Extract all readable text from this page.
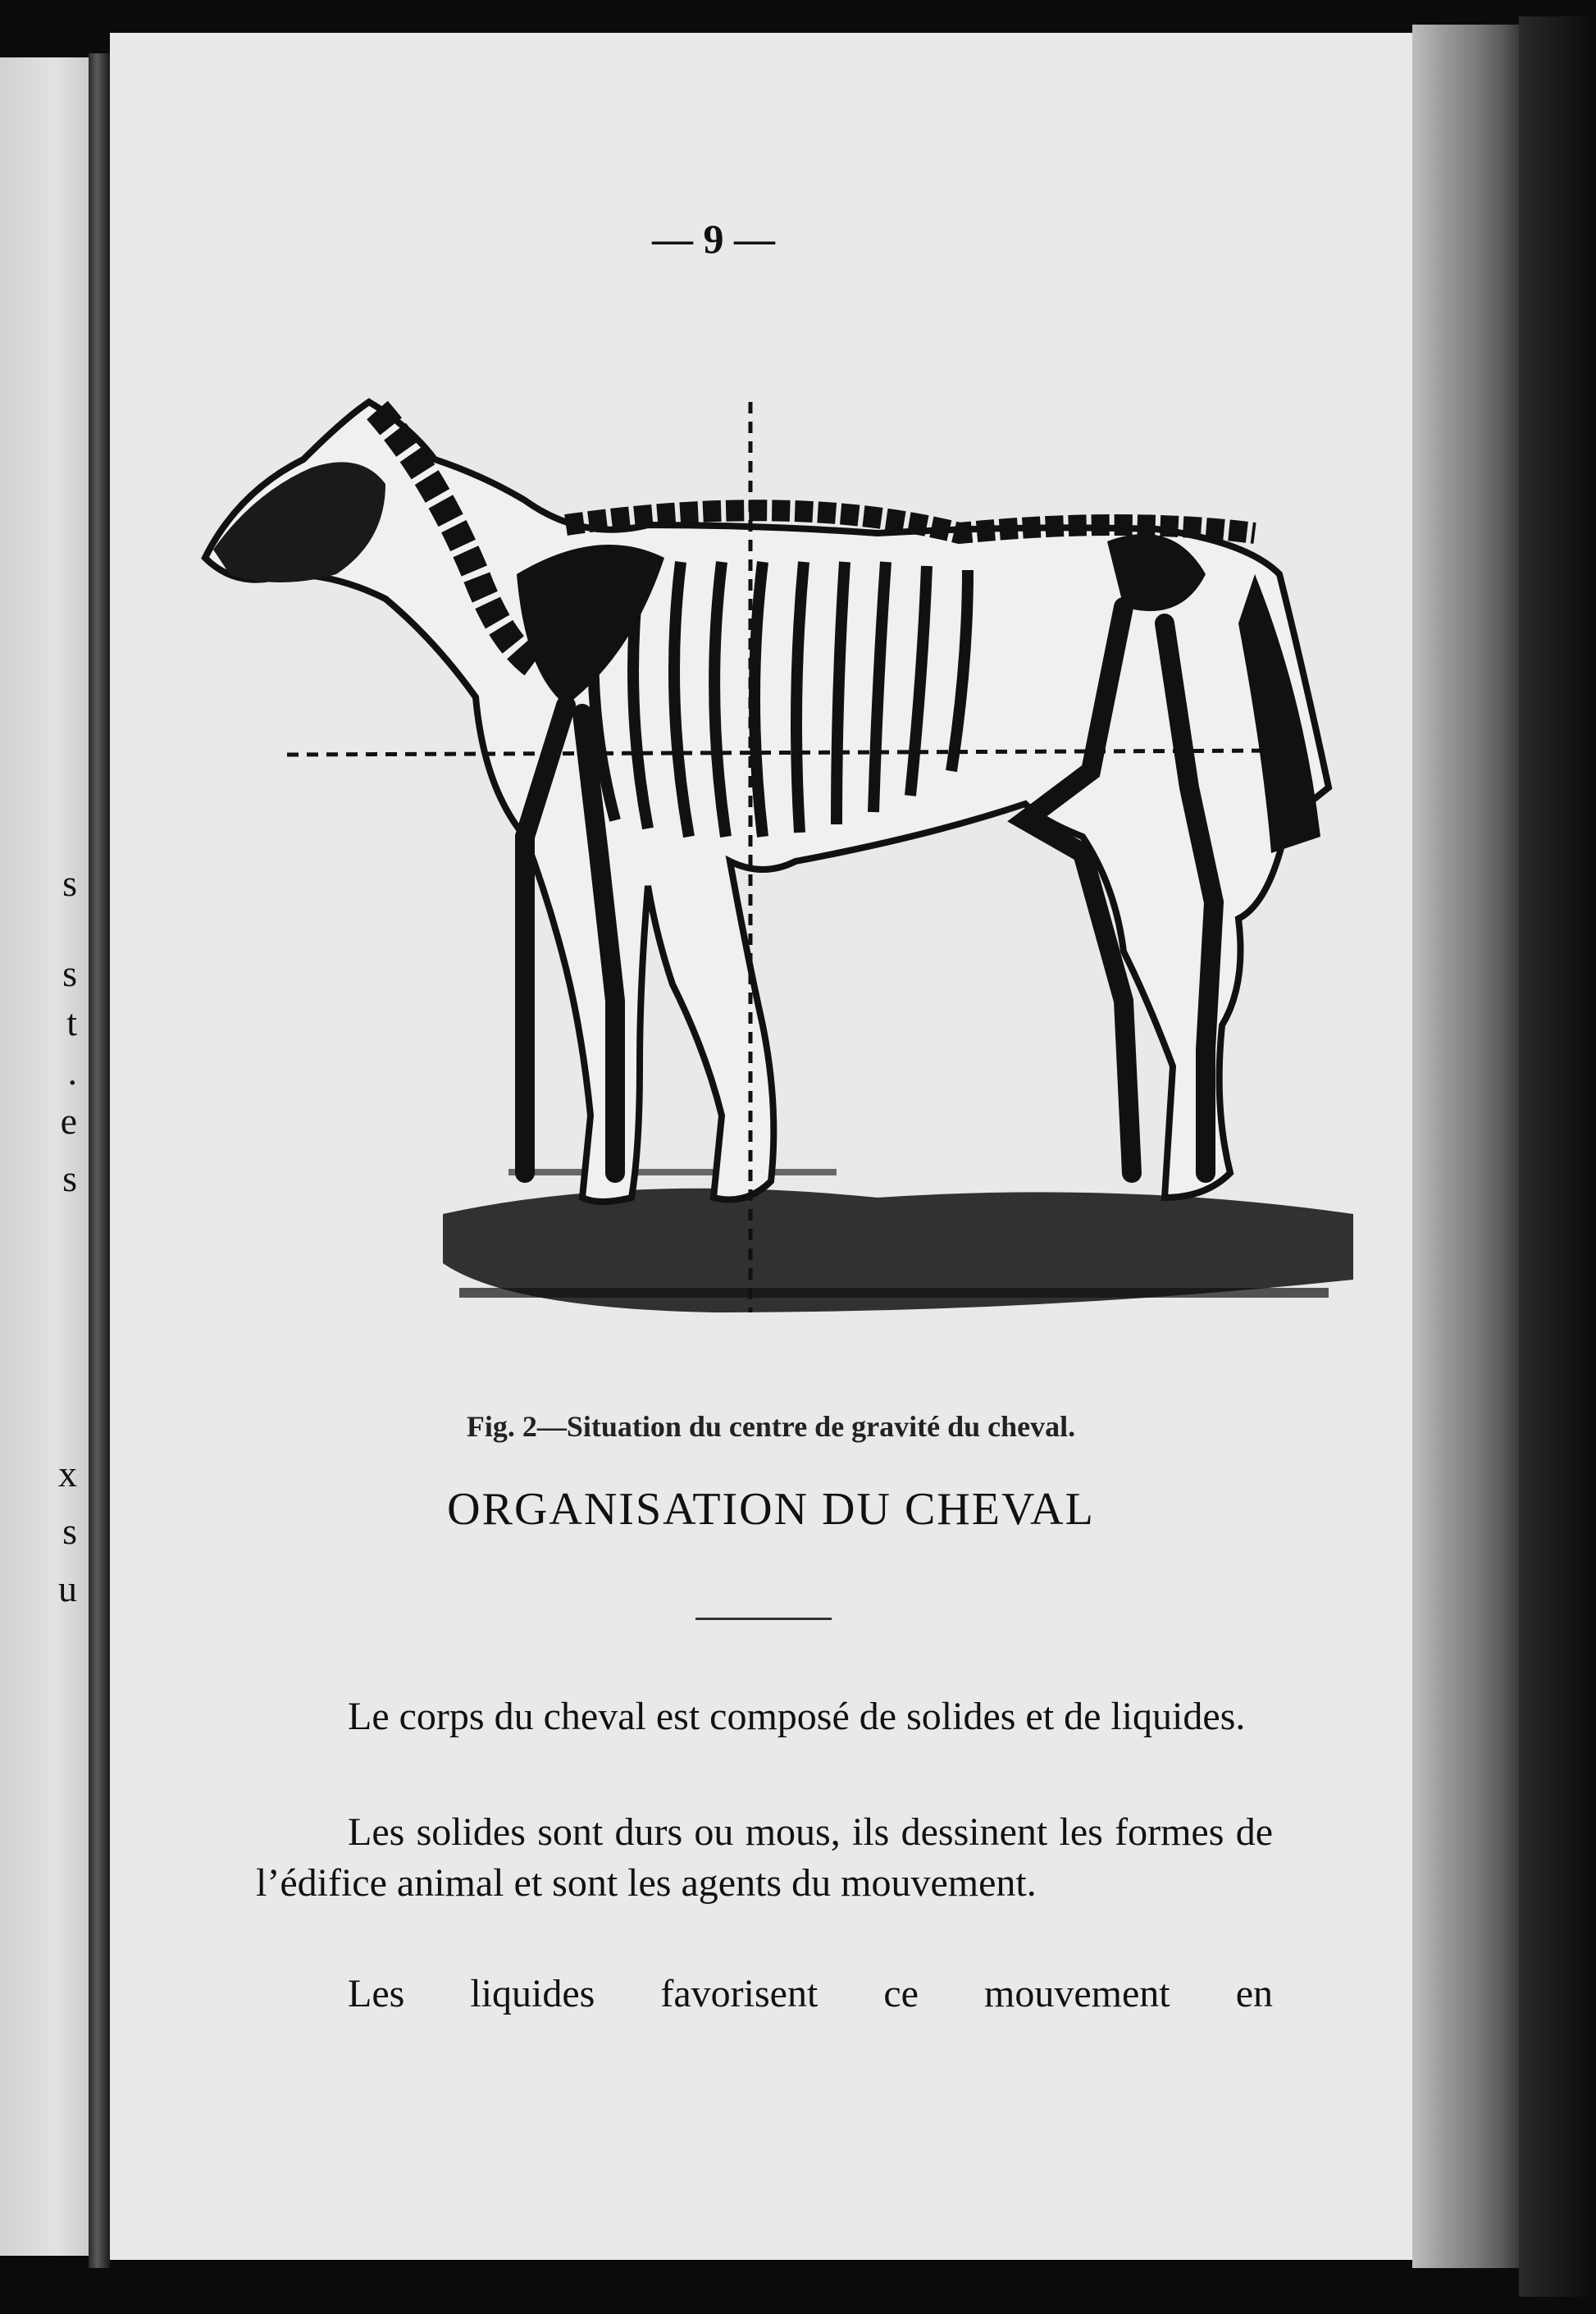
s
s
t
.
e
s
x
s
u
— 9 —
Fig. 2—Situation du centre de gravité du cheval.
ORGANISATION DU CHEVAL
Le corps du cheval est composé de solides et de liquides.
Les solides sont durs ou mous, ils dessinent les formes de l’édifice animal et sont les agents du mouvement.
Les liquides favorisent ce mouvement en
